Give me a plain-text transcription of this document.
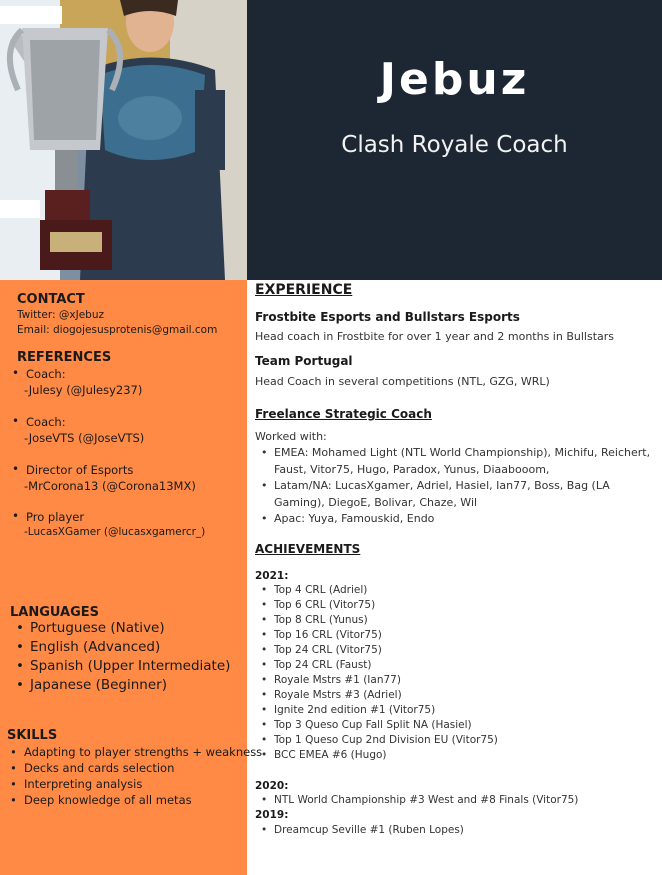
Jebuz
Clash Royale Coach
CONTACT
Twitter: @xJebuz
Email: diogojesusprotenis@gmail.com
REFERENCES
• Coach:
-Julesy (@Julesy237)
• Coach:
-JoseVTS (@JoseVTS)
• Director of Esports
-MrCorona13 (@Corona13MX)
• Pro player
-LucasXGamer (@lucasxgamercr_)
LANGUAGES
• Portuguese (Native)
• English (Advanced)
• Spanish (Upper Intermediate)
• Japanese (Beginner)
SKILLS
• Adapting to player strengths + weakness
• Decks and cards selection
• Interpreting analysis
• Deep knowledge of all metas
EXPERIENCE
Frostbite Esports and Bullstars Esports
Head coach in Frostbite for over 1 year and 2 months in Bullstars
Team Portugal
Head Coach in several competitions (NTL, GZG, WRL)
Freelance Strategic Coach
Worked with:
• EMEA: Mohamed Light (NTL World Championship), Michifu, Reichert, Faust, Vitor75, Hugo, Paradox, Yunus, Diaabooom,
• Latam/NA: LucasXgamer, Adriel, Hasiel, Ian77, Boss, Bag (LA Gaming), DiegoE, Bolivar, Chaze, Wil
• Apac: Yuya, Famouskid, Endo
ACHIEVEMENTS
2021:
• Top 4 CRL (Adriel)
• Top 6 CRL (Vitor75)
• Top 8 CRL (Yunus)
• Top 16 CRL (Vitor75)
• Top 24 CRL (Vitor75)
• Top 24 CRL (Faust)
• Royale Mstrs #1 (Ian77)
• Royale Mstrs #3 (Adriel)
• Ignite 2nd edition #1 (Vitor75)
• Top 3 Queso Cup Fall Split NA (Hasiel)
• Top 1 Queso Cup 2nd Division EU (Vitor75)
• BCC EMEA #6 (Hugo)
2020:
• NTL World Championship #3 West and #8 Finals (Vitor75)
2019:
• Dreamcup Seville #1 (Ruben Lopes)
